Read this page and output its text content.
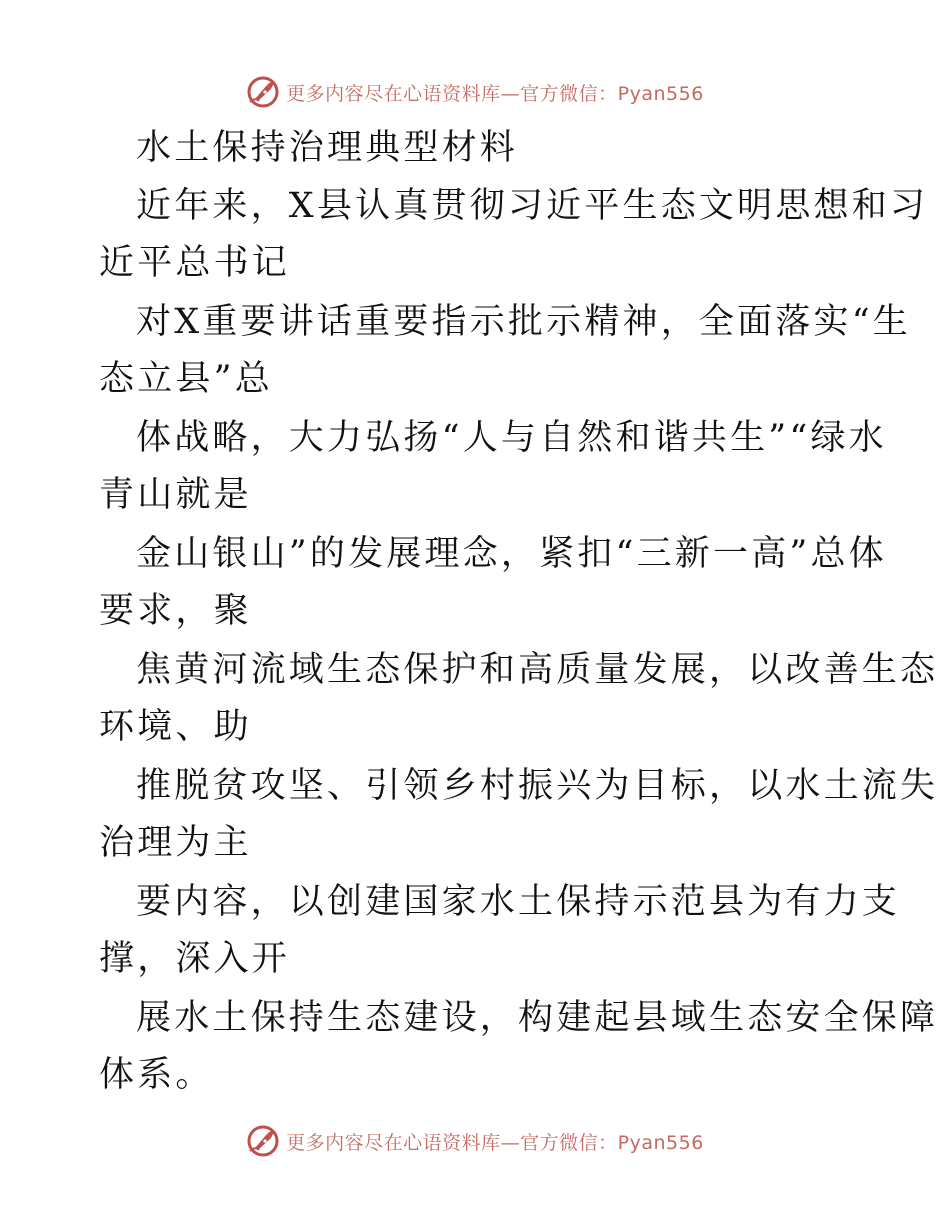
更多内容尽在心语资料库—官方微信：Pyan556
水土保持治理典型材料
近年来，X县认真贯彻习近平生态文明思想和习
近平总书记
对X重要讲话重要指示批示精神，全面落实“生
态立县”总
体战略，大力弘扬“人与自然和谐共生”“绿水
青山就是
金山银山”的发展理念，紧扣“三新一高”总体
要求，聚
焦黄河流域生态保护和高质量发展，以改善生态
环境、助
推脱贫攻坚、引领乡村振兴为目标，以水土流失
治理为主
要内容，以创建国家水土保持示范县为有力支
撑，深入开
展水土保持生态建设，构建起县域生态安全保障
体系。
更多内容尽在心语资料库—官方微信：Pyan556
